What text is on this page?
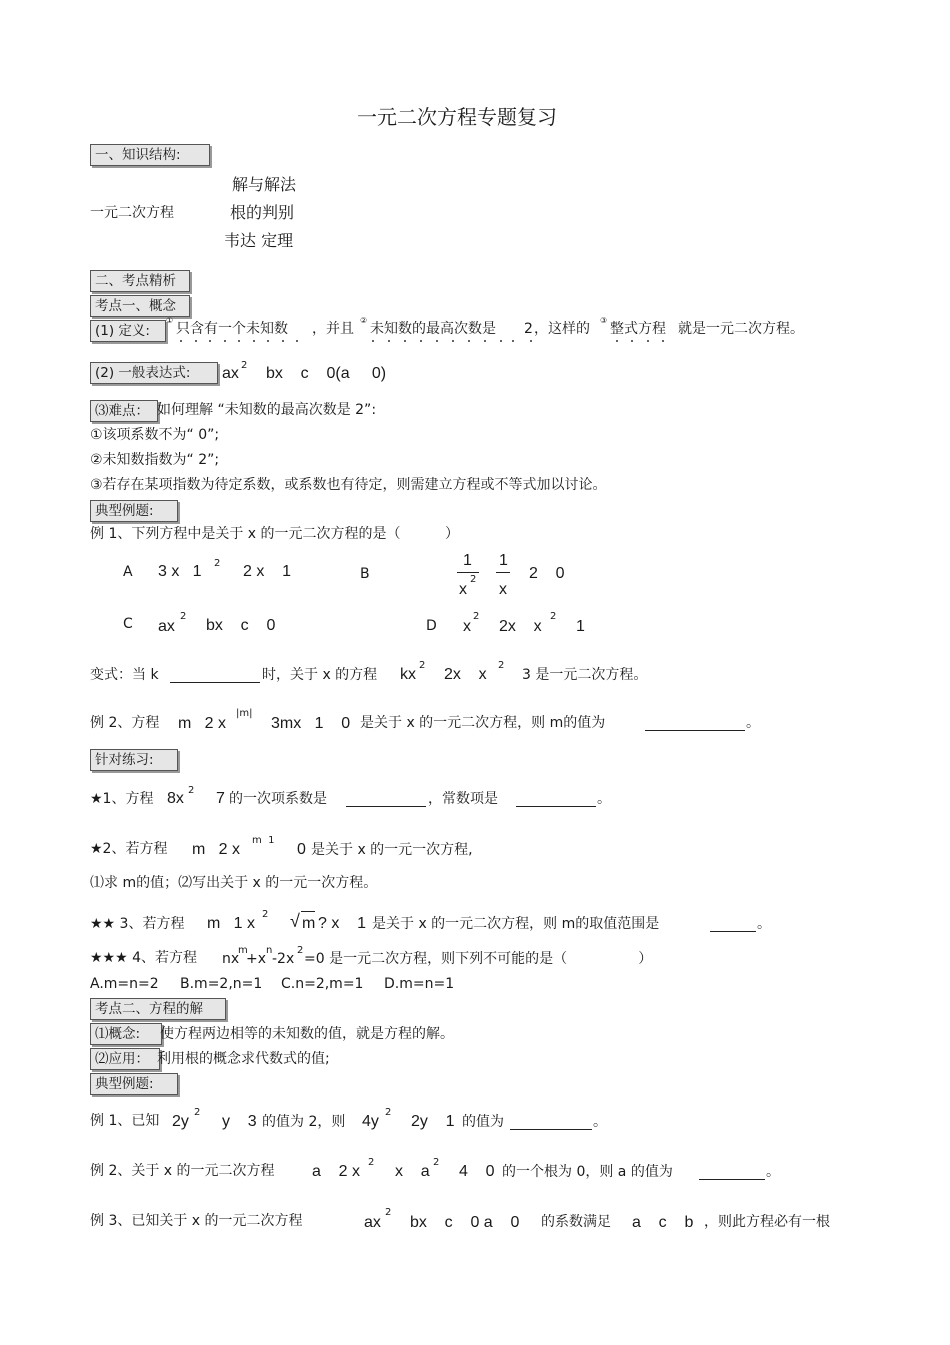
一元二次方程专题复习
一、知识结构:
解与解法
一元二次方程	根的判别
韦达 定理
二、考点精析
考点一、概念
(1) 定义:
①
只含有一个未知数 ，并且
②
未知数的最高次数是 2 ，这样的
③
整式方程 就是一元二次方程。
(2) 一般表达式:	ax 2 bx    c    0(a     0)
⑶难点： 如何理解 “未知数的最高次数是 2”:
①该项系数不为“ 0”;
②未知数指数为“ 2”;
③若存在某项指数为待定系数，或系数也有待定，则需建立方程或不等式加以讨论。
典型例题:
例 1、下列方程中是关于 x 的一元二次方程的是（          ）
A 3 x   1 2 2 x    1	B
1
x
2
1
x
2    0
C ax
2
bx    c    0	D x
2
2x    x
2
1
变式：当 k	时，关于 x 的方程 kx
2
2x    x
2
3 是一元二次方程。
例 2、方程 m   2 x
|m|
3mx   1    0 是关于 x 的一元二次方程，则 m的值为	。
针对练习:
★1、方程 8x 2 7 的一次项系数是	，常数项是	。
★2、若方程 m   2 x
m  1
0 是关于 x 的一元一次方程,
⑴求 m的值；⑵写出关于 x 的一元一次方程。
★★ 3、若方程 m   1 x
2 √ m ? x    1 是关于 x 的一元二次方程，则 m的取值范围是	。
★★★ 4、若方程 nx
m
+x
n
-2x
2
=0 是一元二次方程，则下列不可能的是（                ）
A.m=n=2 B.m=2,n=1 C.n=2,m=1 D.m=n=1
考点二、方程的解
⑴概念:	使方程两边相等的未知数的值，就是方程的解。
⑵应用： 利用根的概念求代数式的值;
典型例题:
例 1、已知 2y
2
y    3 的值为 2，则 4y
2
2y    1 的值为	。
例 2、关于 x 的一元二次方程 a    2 x
2
x    a
2
4    0 的一个根为 0，则 a 的值为	。
例 3、已知关于 x 的一元二次方程	ax
2
bx    c    0 a    0 的系数满足 a    c    b ，则此方程必有一根
